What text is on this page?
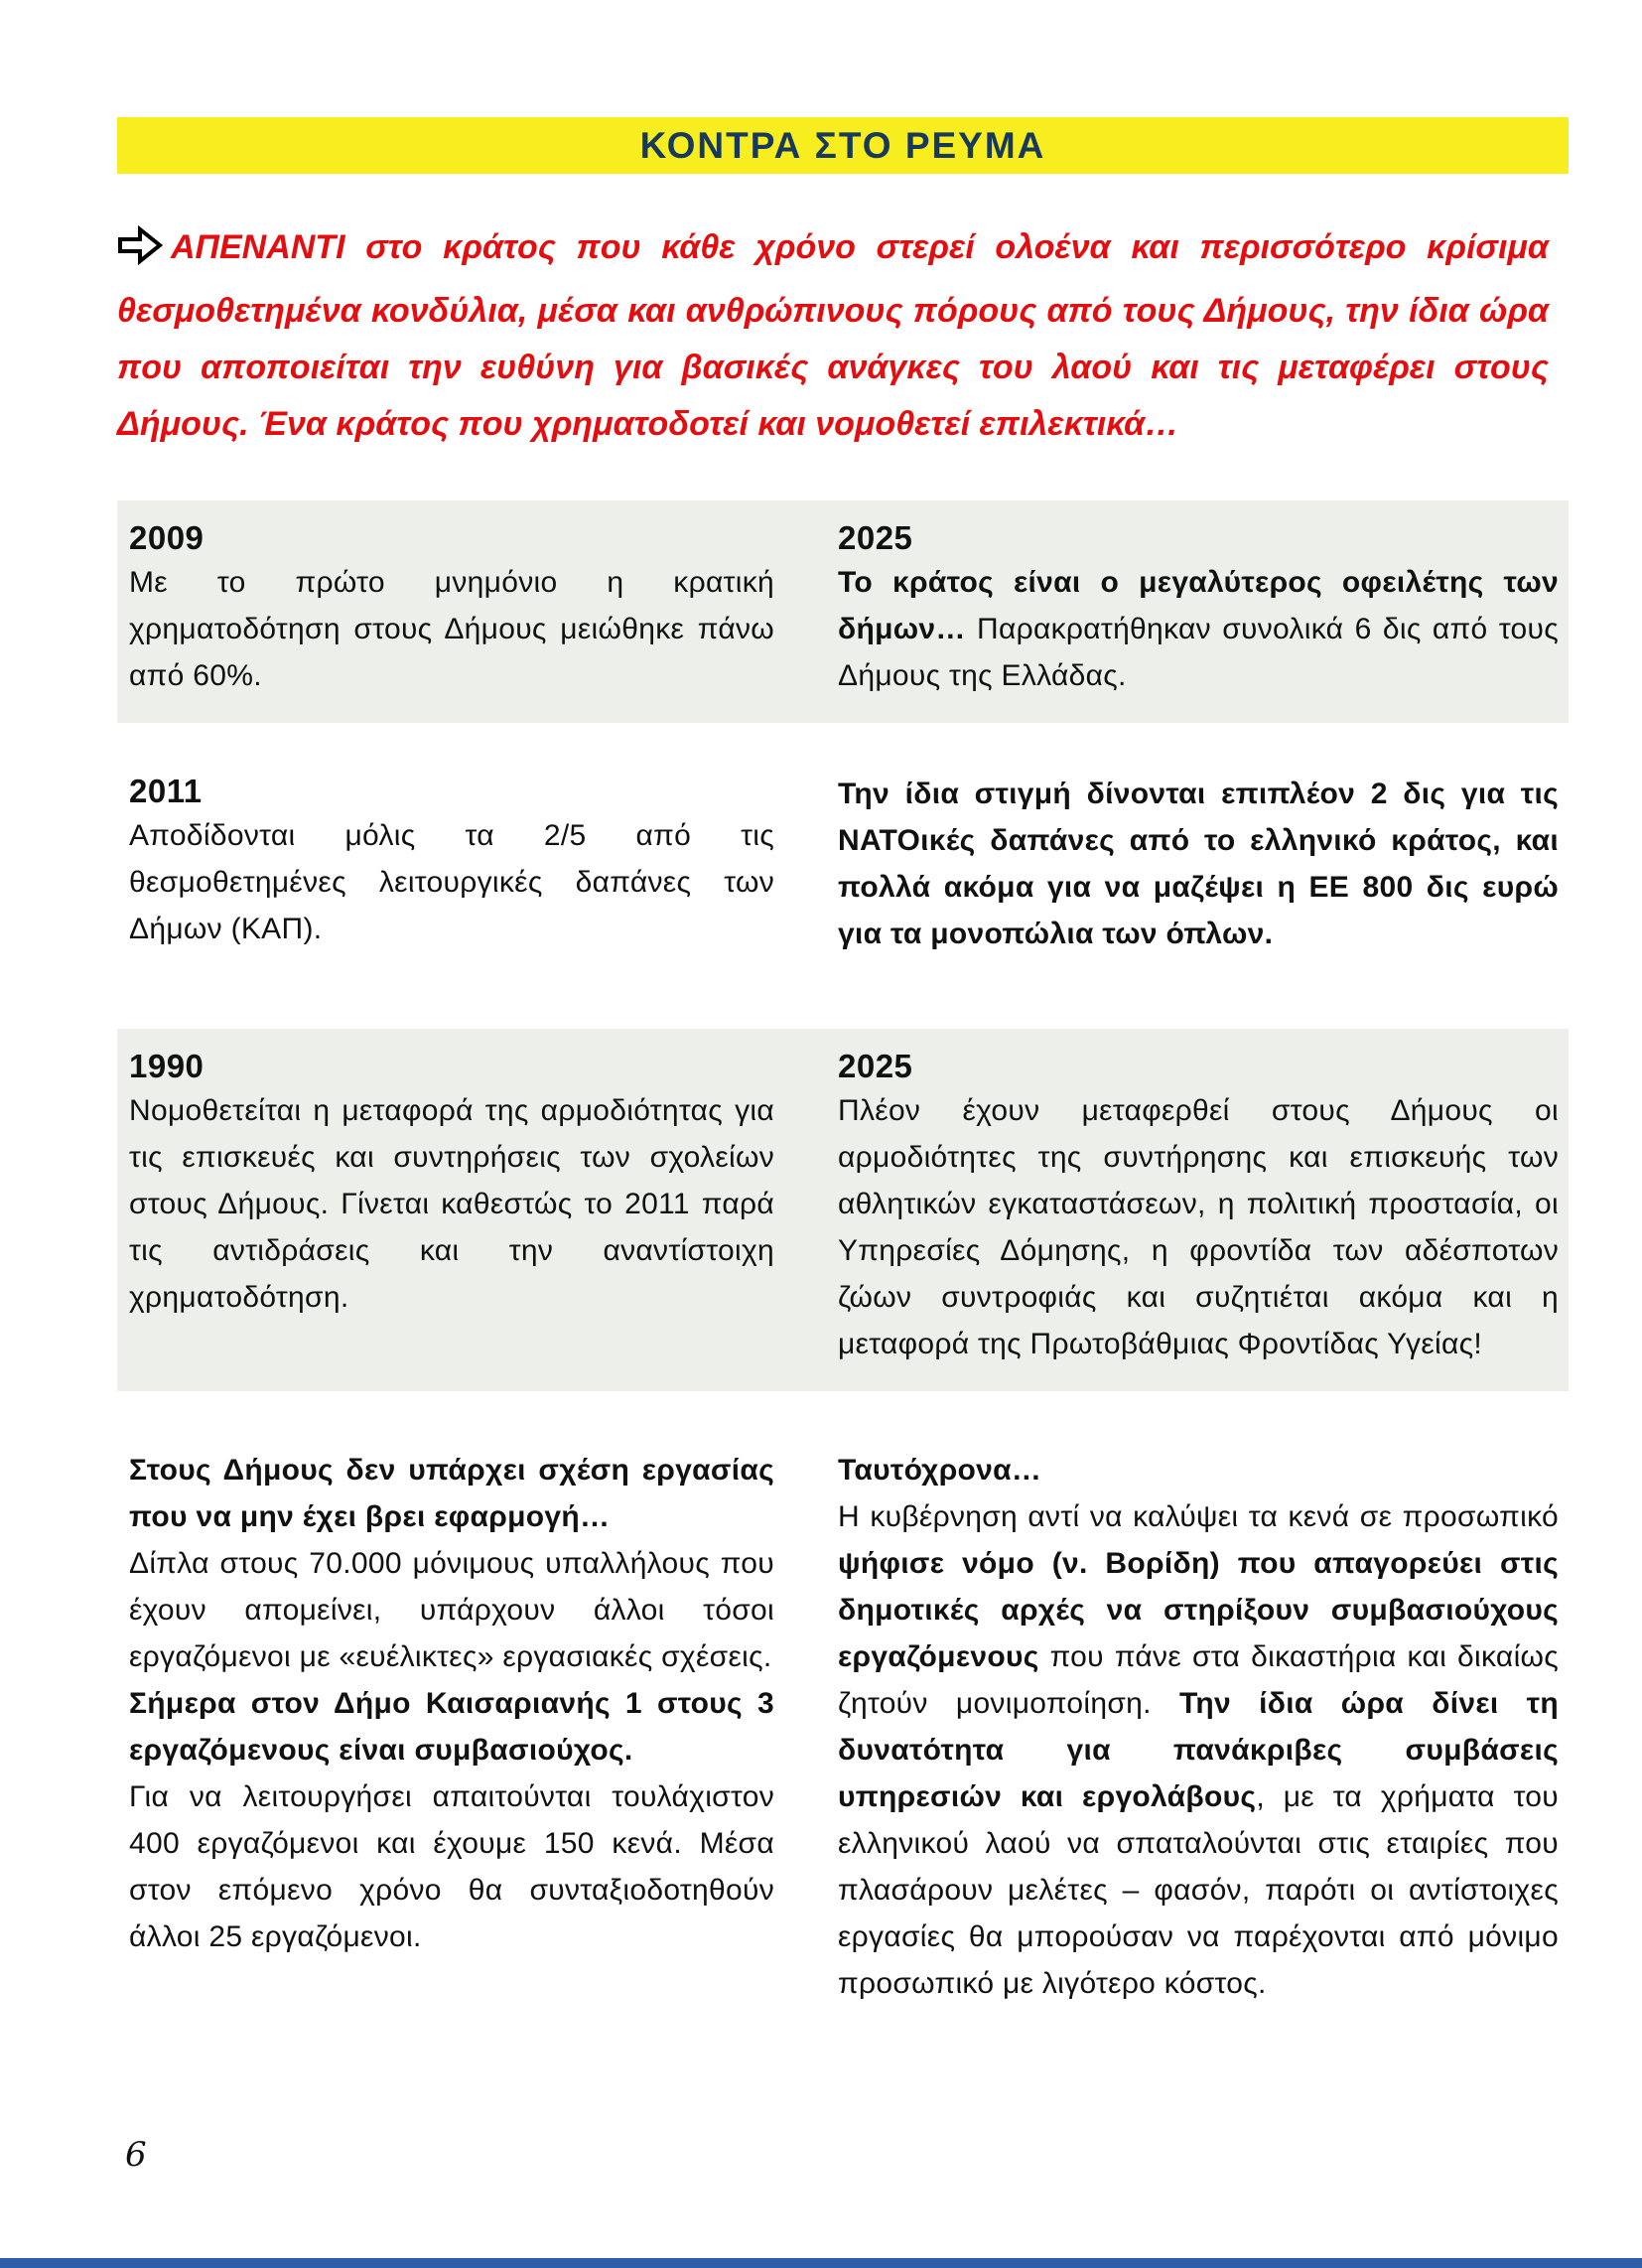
ΚΟΝΤΡΑ ΣΤΟ ΡΕΥΜΑ
ΑΠΕΝΑΝΤΙ στο κράτος που κάθε χρόνο στερεί ολοένα και περισσότερο κρίσιμα θεσμοθετημένα κονδύλια, μέσα και ανθρώπινους πόρους από τους Δήμους, την ίδια ώρα που αποποιείται την ευθύνη για βασικές ανάγκες του λαού και τις μεταφέρει στους Δήμους. Ένα κράτος που χρηματοδοτεί και νομοθετεί επιλεκτικά…
2009

Με το πρώτο μνημόνιο η κρατική χρηματοδότηση στους Δήμους μειώθηκε πάνω από 60%.

2025

Το κράτος είναι ο μεγαλύτερος οφειλέτης των δήμων… Παρακρατήθηκαν συνολικά 6 δις από τους Δήμους της Ελλάδας.

2011

Αποδίδονται μόλις τα 2/5 από τις θεσμοθετημένες λειτουργικές δαπάνες των Δήμων (ΚΑΠ).

Την ίδια στιγμή δίνονται επιπλέον 2 δις για τις ΝΑΤΟικές δαπάνες από το ελληνικό κράτος, και πολλά ακόμα για να μαζέψει η ΕΕ 800 δις ευρώ για τα μονοπώλια των όπλων.

1990

Νομοθετείται η μεταφορά της αρμοδιότητας για τις επισκευές και συντηρήσεις των σχολείων στους Δήμους. Γίνεται καθεστώς το 2011 παρά τις αντιδράσεις και την αναντίστοιχη χρηματοδότηση.

2025

Πλέον έχουν μεταφερθεί στους Δήμους οι αρμοδιότητες της συντήρησης και επισκευής των αθλητικών εγκαταστάσεων, η πολιτική προστασία, οι Υπηρεσίες Δόμησης, η φροντίδα των αδέσποτων ζώων συντροφιάς και συζητιέται ακόμα και η μεταφορά της Πρωτοβάθμιας Φροντίδας Υγείας!

Στους Δήμους δεν υπάρχει σχέση εργασίας που να μην έχει βρει εφαρμογή…

Δίπλα στους 70.000 μόνιμους υπαλλήλους που έχουν απομείνει, υπάρχουν άλλοι τόσοι εργαζόμενοι με «ευέλικτες» εργασιακές σχέσεις.

Σήμερα στον Δήμο Καισαριανής 1 στους 3 εργαζόμενους είναι συμβασιούχος.

Για να λειτουργήσει απαιτούνται τουλάχιστον 400 εργαζόμενοι και έχουμε 150 κενά. Μέσα στον επόμενο χρόνο θα συνταξιοδοτηθούν άλλοι 25 εργαζόμενοι.

Ταυτόχρονα…

Η κυβέρνηση αντί να καλύψει τα κενά σε προσωπικό ψήφισε νόμο (ν. Βορίδη) που απαγορεύει στις δημοτικές αρχές να στηρίξουν συμβασιούχους εργαζόμενους που πάνε στα δικαστήρια και δικαίως ζητούν μονιμοποίηση. Την ίδια ώρα δίνει τη δυνατότητα για πανάκριβες συμβάσεις υπηρεσιών και εργολάβους, με τα χρήματα του ελληνικού λαού να σπαταλούνται στις εταιρίες που πλασάρουν μελέτες – φασόν, παρότι οι αντίστοιχες εργασίες θα μπορούσαν να παρέχονται από μόνιμο προσωπικό με λιγότερο κόστος.

6
